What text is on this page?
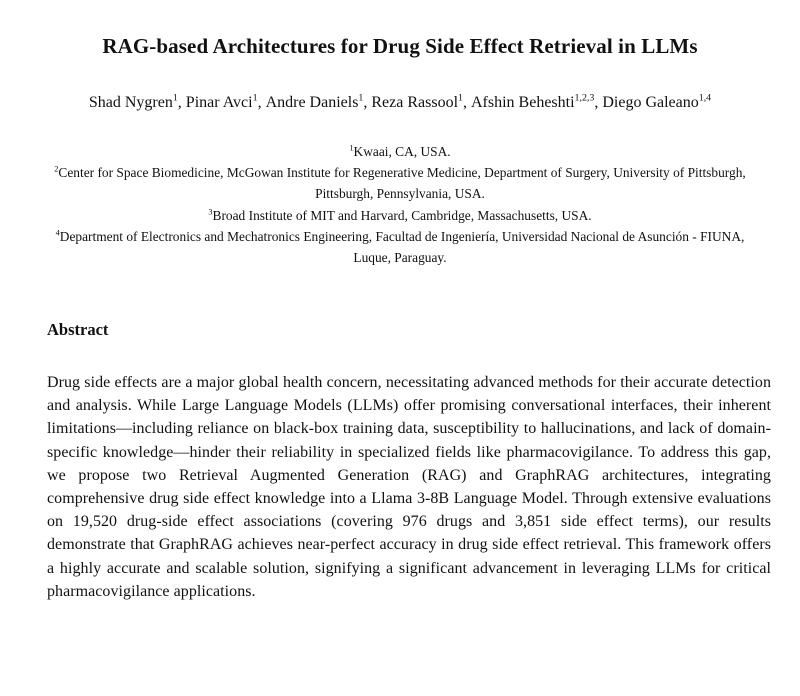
RAG-based Architectures for Drug Side Effect Retrieval in LLMs
Shad Nygren$^1$, Pinar Avci$^1$, Andre Daniels$^1$, Reza Rassool$^1$, Afshin Beheshti$^{1,2,3}$, Diego Galeano$^{1,4}$
$^1$Kwaai, CA, USA.
$^2$Center for Space Biomedicine, McGowan Institute for Regenerative Medicine, Department of Surgery, University of Pittsburgh, Pittsburgh, Pennsylvania, USA.
$^3$Broad Institute of MIT and Harvard, Cambridge, Massachusetts, USA.
$^4$Department of Electronics and Mechatronics Engineering, Facultad de Ingeniería, Universidad Nacional de Asunción - FIUNA, Luque, Paraguay.
Abstract
Drug side effects are a major global health concern, necessitating advanced methods for their accurate detection and analysis. While Large Language Models (LLMs) offer promising conversational interfaces, their inherent limitations—including reliance on black-box training data, susceptibility to hallucinations, and lack of domain-specific knowledge—hinder their reliability in specialized fields like pharmacovigilance. To address this gap, we propose two Retrieval Augmented Generation (RAG) and GraphRAG architectures, integrating comprehensive drug side effect knowledge into a Llama 3-8B Language Model. Through extensive evaluations on 19,520 drug-side effect associations (covering 976 drugs and 3,851 side effect terms), our results demonstrate that GraphRAG achieves near-perfect accuracy in drug side effect retrieval. This framework offers a highly accurate and scalable solution, signifying a significant advancement in leveraging LLMs for critical pharmacovigilance applications.
